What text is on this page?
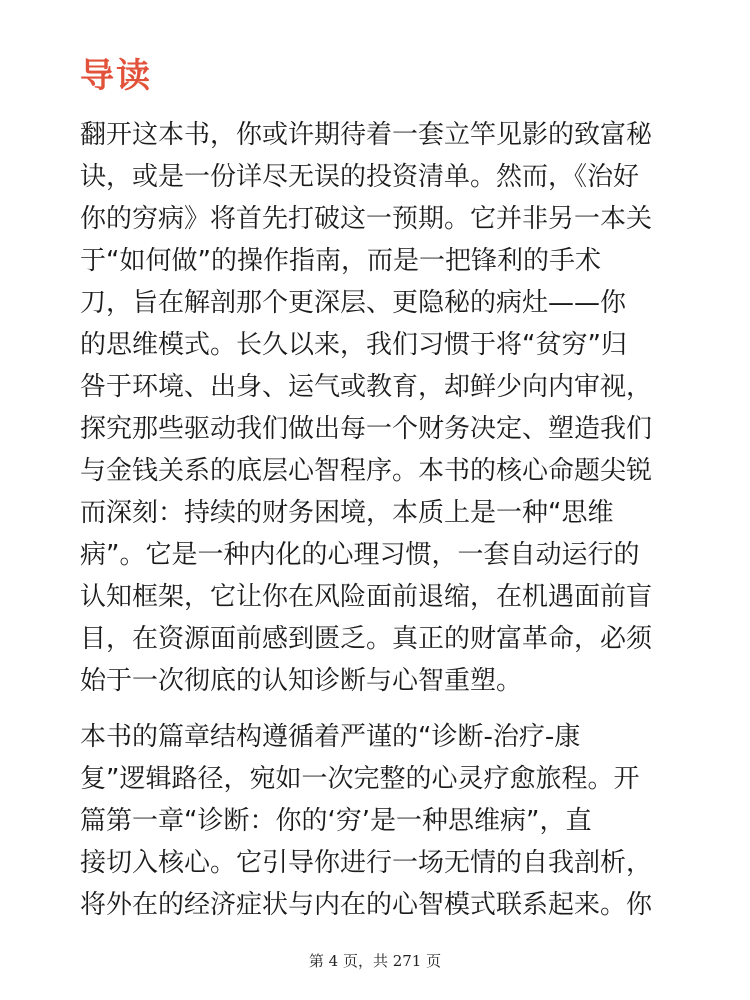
导读

翻开这本书，你或许期待着一套立竿见影的致富秘
诀，或是一份详尽无误的投资清单。然而，《治好
你的穷病》将首先打破这一预期。它并非另一本关
于“如何做”的操作指南，而是一把锋利的手术
刀，旨在解剖那个更深层、更隐秘的病灶——你
的思维模式。长久以来，我们习惯于将“贫穷”归
咎于环境、出身、运气或教育，却鲜少向内审视，
探究那些驱动我们做出每一个财务决定、塑造我们
与金钱关系的底层心智程序。本书的核心命题尖锐
而深刻：持续的财务困境，本质上是一种“思维
病”。它是一种内化的心理习惯，一套自动运行的
认知框架，它让你在风险面前退缩，在机遇面前盲
目，在资源面前感到匮乏。真正的财富革命，必须
始于一次彻底的认知诊断与心智重塑。

本书的篇章结构遵循着严谨的“诊断-治疗-康
复”逻辑路径，宛如一次完整的心灵疗愈旅程。开
篇第一章“诊断：你的‘穷’是一种思维病”，直
接切入核心。它引导你进行一场无情的自我剖析，
将外在的经济症状与内在的心智模式联系起来。你

第 4 页，共 271 页
